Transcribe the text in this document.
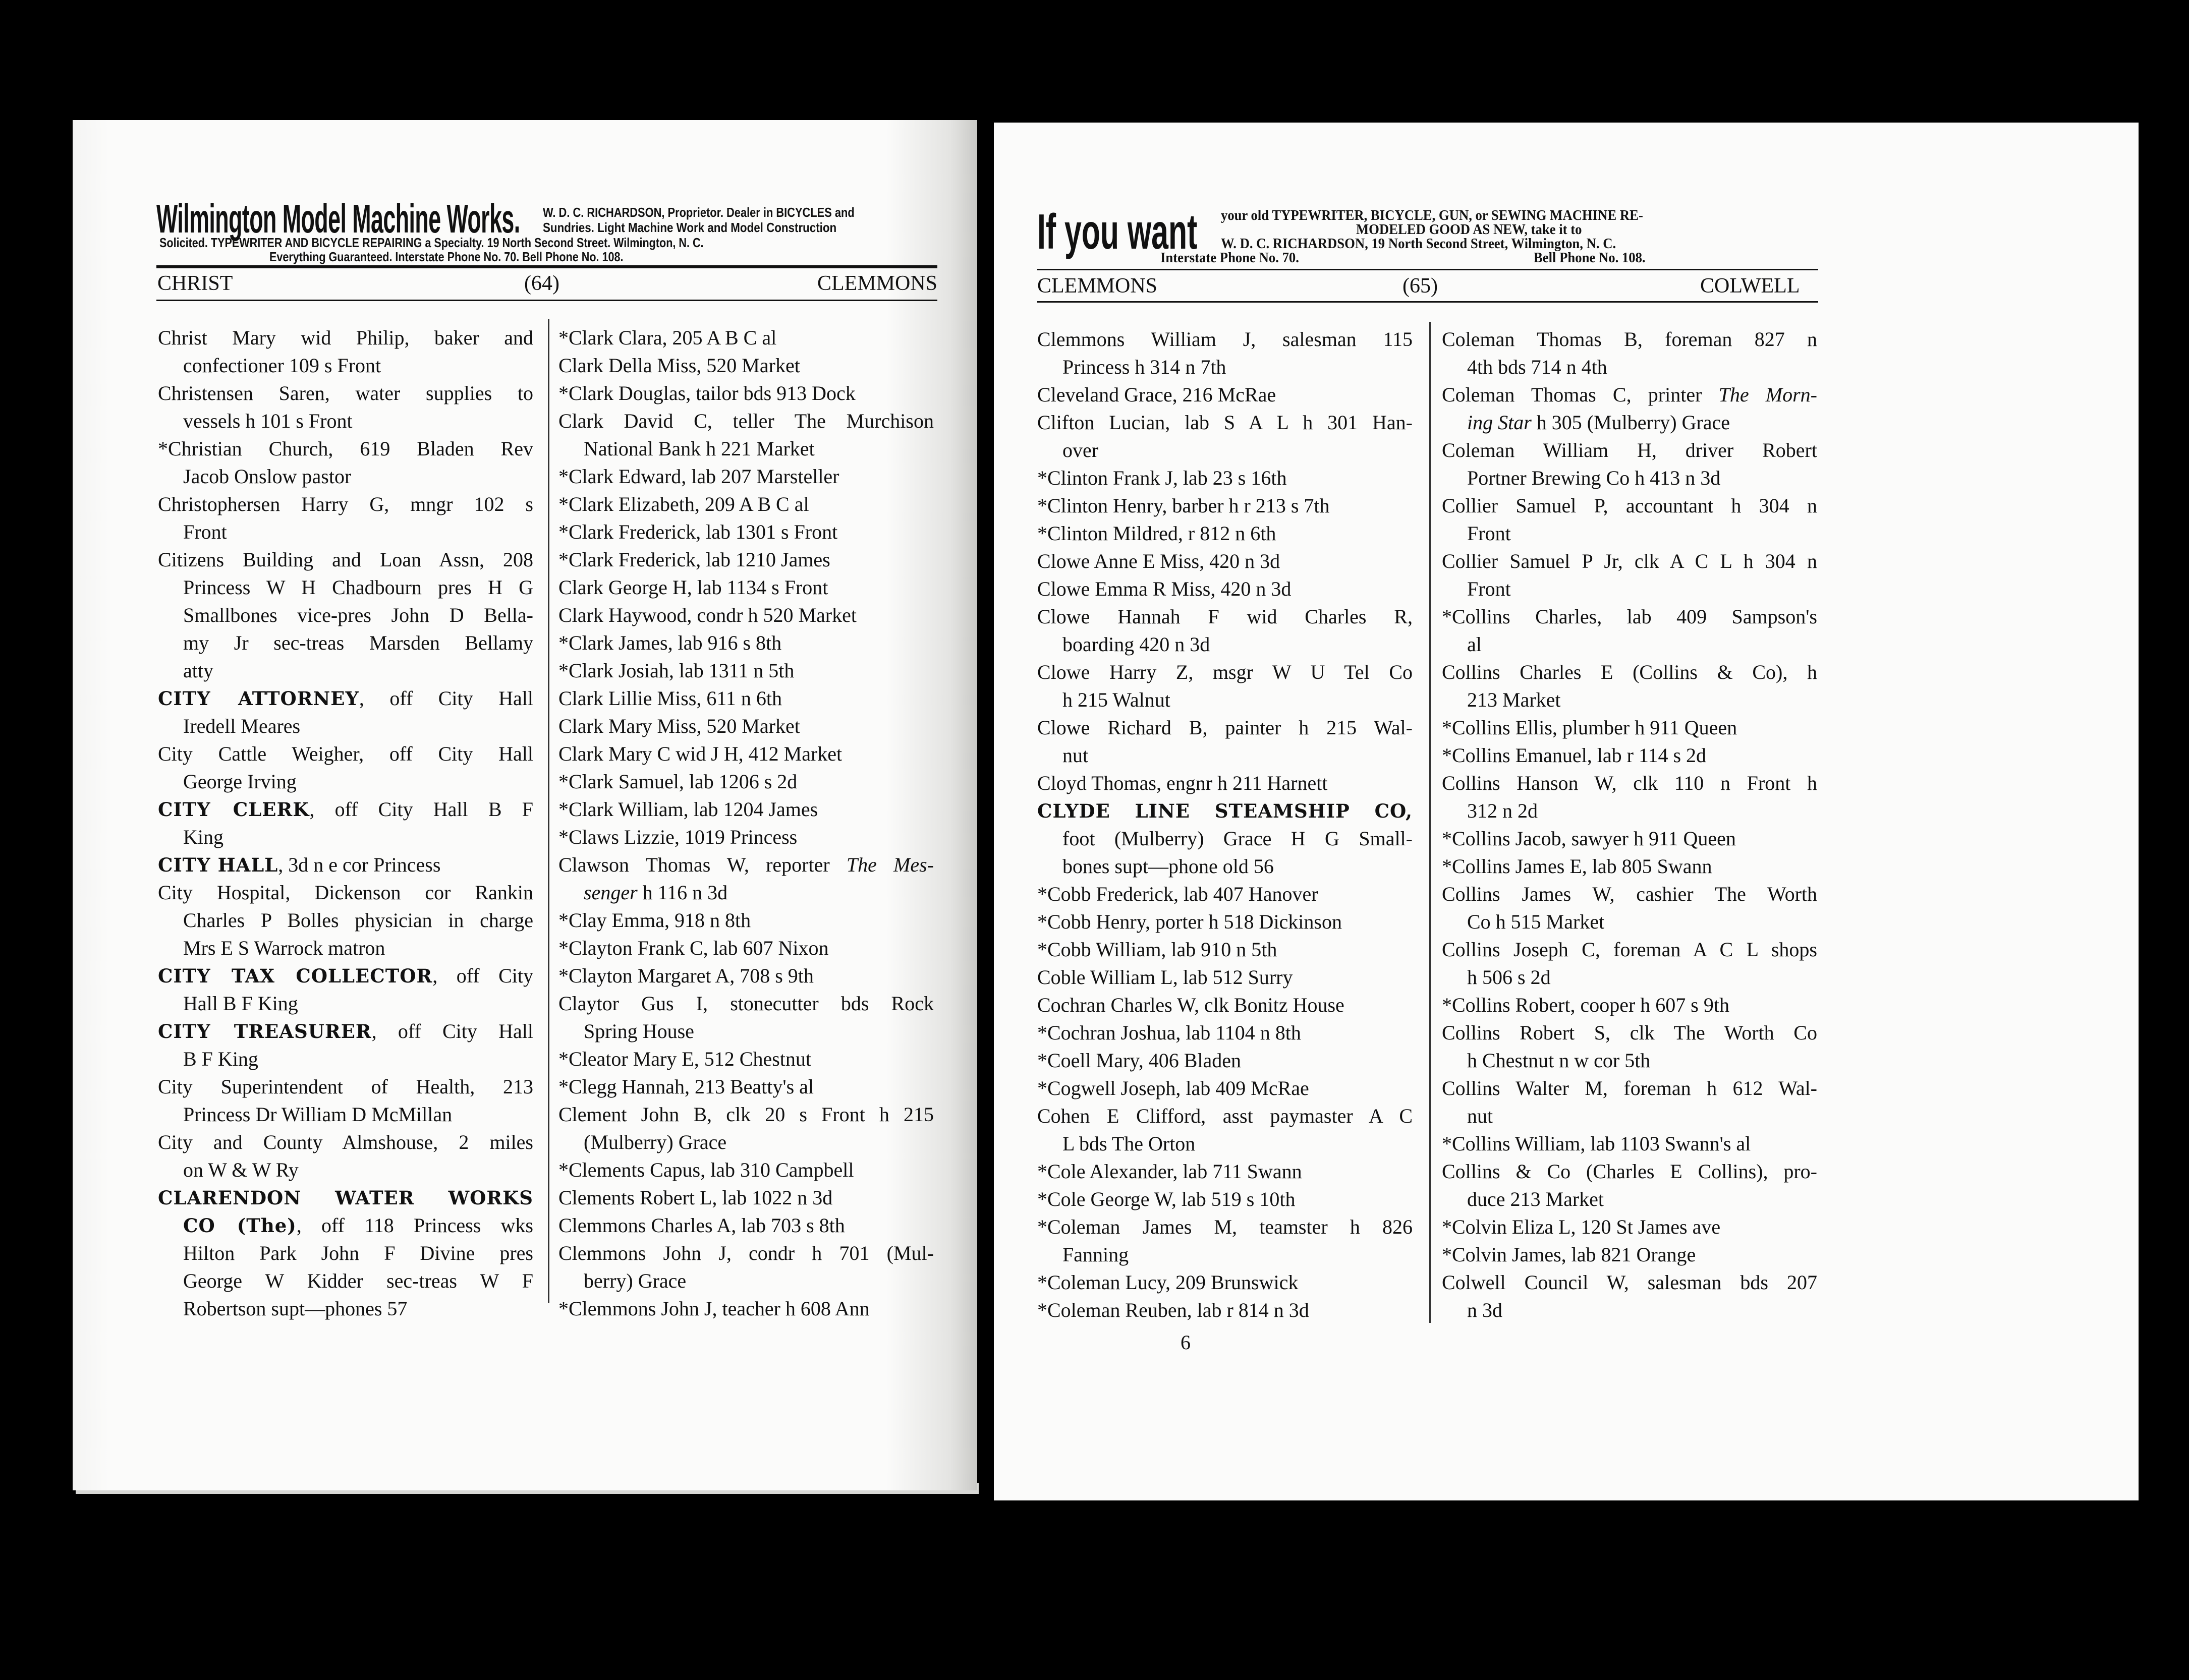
Wilmington Model Machine Works. W. D. C. RICHARDSON, Proprietor. Dealer in BICYCLES and
Sundries. Light Machine Work and Model Construction
Solicited. TYPEWRITER AND BICYCLE REPAIRING a Specialty. 19 North Second Street. Wilmington, N. C.
Everything Guaranteed. Interstate Phone No. 70. Bell Phone No. 108.
CHRIST	(64)	CLEMMONS
Christ Mary wid Philip, baker and
confectioner 109 s Front
Christensen Saren, water supplies to
vessels h 101 s Front
*Christian Church, 619 Bladen Rev
Jacob Onslow pastor
Christophersen Harry G, mngr 102 s
Front
Citizens Building and Loan Assn, 208
Princess W H Chadbourn pres H G
Smallbones vice-pres John D Bella-
my Jr sec-treas Marsden Bellamy
atty
CITY ATTORNEY, off City Hall
Iredell Meares
City Cattle Weigher, off City Hall
George Irving
CITY CLERK, off City Hall B F
King
CITY HALL, 3d n e cor Princess
City Hospital, Dickenson cor Rankin
Charles P Bolles physician in charge
Mrs E S Warrock matron
CITY TAX COLLECTOR, off City
Hall B F King
CITY TREASURER, off City Hall
B F King
City Superintendent of Health, 213
Princess Dr William D McMillan
City and County Almshouse, 2 miles
on W & W Ry
CLARENDON WATER WORKS
CO (The), off 118 Princess wks
Hilton Park John F Divine pres
George W Kidder sec-treas W F
Robertson supt—phones 57
*Clark Clara, 205 A B C al
Clark Della Miss, 520 Market
*Clark Douglas, tailor bds 913 Dock
Clark David C, teller The Murchison
National Bank h 221 Market
*Clark Edward, lab 207 Marsteller
*Clark Elizabeth, 209 A B C al
*Clark Frederick, lab 1301 s Front
*Clark Frederick, lab 1210 James
Clark George H, lab 1134 s Front
Clark Haywood, condr h 520 Market
*Clark James, lab 916 s 8th
*Clark Josiah, lab 1311 n 5th
Clark Lillie Miss, 611 n 6th
Clark Mary Miss, 520 Market
Clark Mary C wid J H, 412 Market
*Clark Samuel, lab 1206 s 2d
*Clark William, lab 1204 James
*Claws Lizzie, 1019 Princess
Clawson Thomas W, reporter The Mes-
senger h 116 n 3d
*Clay Emma, 918 n 8th
*Clayton Frank C, lab 607 Nixon
*Clayton Margaret A, 708 s 9th
Claytor Gus I, stonecutter bds Rock
Spring House
*Cleator Mary E, 512 Chestnut
*Clegg Hannah, 213 Beatty's al
Clement John B, clk 20 s Front h 215
(Mulberry) Grace
*Clements Capus, lab 310 Campbell
Clements Robert L, lab 1022 n 3d
Clemmons Charles A, lab 703 s 8th
Clemmons John J, condr h 701 (Mul-
berry) Grace
*Clemmons John J, teacher h 608 Ann
If you want your old TYPEWRITER, BICYCLE, GUN, or SEWING MACHINE RE-
MODELED GOOD AS NEW, take it to
W. D. C. RICHARDSON, 19 North Second Street, Wilmington, N. C.
Interstate Phone No. 70.	Bell Phone No. 108.
CLEMMONS	(65)	COLWELL
Clemmons William J, salesman 115
Princess h 314 n 7th
Cleveland Grace, 216 McRae
Clifton Lucian, lab S A L h 301 Han-
over
*Clinton Frank J, lab 23 s 16th
*Clinton Henry, barber h r 213 s 7th
*Clinton Mildred, r 812 n 6th
Clowe Anne E Miss, 420 n 3d
Clowe Emma R Miss, 420 n 3d
Clowe Hannah F wid Charles R,
boarding 420 n 3d
Clowe Harry Z, msgr W U Tel Co
h 215 Walnut
Clowe Richard B, painter h 215 Wal-
nut
Cloyd Thomas, engnr h 211 Harnett
CLYDE LINE STEAMSHIP CO,
foot (Mulberry) Grace H G Small-
bones supt—phone old 56
*Cobb Frederick, lab 407 Hanover
*Cobb Henry, porter h 518 Dickinson
*Cobb William, lab 910 n 5th
Coble William L, lab 512 Surry
Cochran Charles W, clk Bonitz House
*Cochran Joshua, lab 1104 n 8th
*Coell Mary, 406 Bladen
*Cogwell Joseph, lab 409 McRae
Cohen E Clifford, asst paymaster A C
L bds The Orton
*Cole Alexander, lab 711 Swann
*Cole George W, lab 519 s 10th
*Coleman James M, teamster h 826
Fanning
*Coleman Lucy, 209 Brunswick
*Coleman Reuben, lab r 814 n 3d
Coleman Thomas B, foreman 827 n
4th bds 714 n 4th
Coleman Thomas C, printer The Morn-
ing Star h 305 (Mulberry) Grace
Coleman William H, driver Robert
Portner Brewing Co h 413 n 3d
Collier Samuel P, accountant h 304 n
Front
Collier Samuel P Jr, clk A C L h 304 n
Front
*Collins Charles, lab 409 Sampson's
al
Collins Charles E (Collins & Co), h
213 Market
*Collins Ellis, plumber h 911 Queen
*Collins Emanuel, lab r 114 s 2d
Collins Hanson W, clk 110 n Front h
312 n 2d
*Collins Jacob, sawyer h 911 Queen
*Collins James E, lab 805 Swann
Collins James W, cashier The Worth
Co h 515 Market
Collins Joseph C, foreman A C L shops
h 506 s 2d
*Collins Robert, cooper h 607 s 9th
Collins Robert S, clk The Worth Co
h Chestnut n w cor 5th
Collins Walter M, foreman h 612 Wal-
nut
*Collins William, lab 1103 Swann's al
Collins & Co (Charles E Collins), pro-
duce 213 Market
*Colvin Eliza L, 120 St James ave
*Colvin James, lab 821 Orange
Colwell Council W, salesman bds 207
n 3d
6
